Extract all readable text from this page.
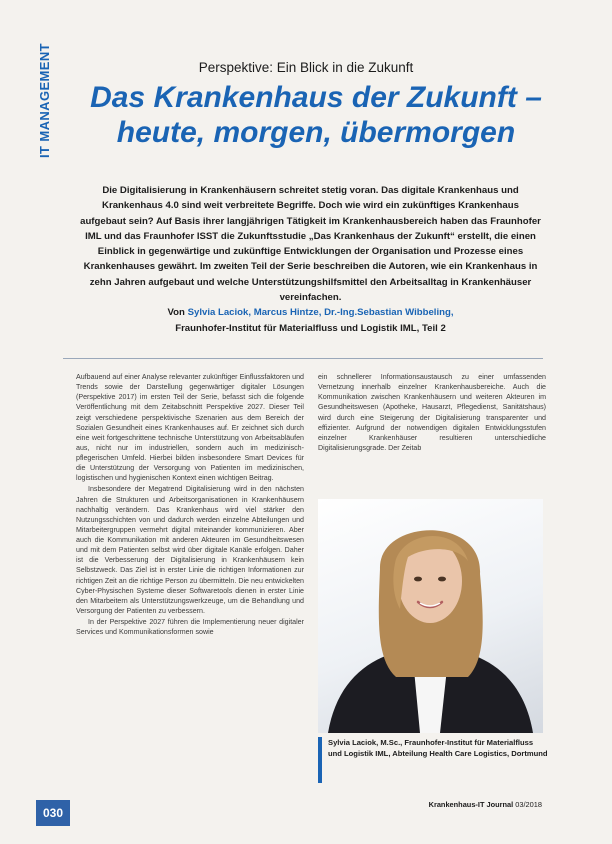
IT MANAGEMENT	Perspektive: Ein Blick in die Zukunft
Das Krankenhaus der Zukunft –
heute, morgen, übermorgen
Die Digitalisierung in Krankenhäusern schreitet stetig voran. Das digitale Krankenhaus und Krankenhaus 4.0 sind weit verbreitete Begriffe. Doch wie wird ein zukünftiges Krankenhaus aufgebaut sein? Auf Basis ihrer langjährigen Tätigkeit im Krankenhausbereich haben das Fraunhofer IML und das Fraunhofer ISST die Zukunftsstudie „Das Krankenhaus der Zukunft“ erstellt, die einen Einblick in gegenwärtige und zukünftige Entwicklungen der Organisation und Prozesse eines Krankenhauses gewährt. Im zweiten Teil der Serie beschreiben die Autoren, wie ein Krankenhaus in zehn Jahren aufgebaut und welche Unterstützungshilfsmittel den Arbeitsalltag in Krankenhäuser vereinfachen.
Von Sylvia Laciok, Marcus Hintze, Dr.-Ing.Sebastian Wibbeling,
Fraunhofer-Institut für Materialfluss und Logistik IML, Teil 2

Aufbauend auf einer Analyse relevanter zukünftiger Einflussfaktoren und Trends sowie der Darstellung gegenwärtiger digitaler Lösungen (Perspektive 2017) im ersten Teil der Serie, befasst sich die folgende Veröffentlichung mit dem Zeitabschnitt Perspektive 2027. Dieser Teil zeigt verschiedene perspektivische Szenarien aus dem Bereich der Sozialen Gesundheit eines Krankenhauses auf. Er zeichnet sich durch eine weit fortgeschrittene technische Unterstützung von Arbeitsabläufen aus, nicht nur im industriellen, sondern auch im medizinisch-pflegerischen Umfeld. Hierbei bilden insbesondere Smart Devices für die Unterstützung der Versorgung von Patienten im medizinischen, logistischen und hygienischen Kontext einen wichtigen Beitrag.

Insbesondere der Megatrend Digitalisierung wird in den nächsten Jahren die Strukturen und Arbeitsorganisationen in Krankenhäusern nachhaltig verändern. Das Krankenhaus wird viel stärker den Nutzungsschichten von und dadurch werden einzelne Abteilungen und Mitarbeitergruppen vermehrt digital miteinander kommunizieren. Aber auch die Kommunikation mit anderen Akteuren im Gesundheitswesen und mit dem Patienten selbst wird über digitale Kanäle erfolgen. Daher ist die Verbesserung der Digitalisierung in Krankenhäusern kein Selbstzweck. Das Ziel ist in erster Linie die richtigen Informationen zur richtigen Zeit an die richtige Person zu übermitteln. Die neu entwickelten Cyber-Physischen Systeme dieser Softwaretools dienen in erster Linie den Mitarbeitern als Unterstützungswerkzeuge, um die Behandlung und Versorgung der Patienten zu verbessern.

In der Perspektive 2027 führen die Implementierung neuer digitaler Services und Kommunikationsformen sowie

ein schnellerer Informationsaustausch zu einer umfassenden Vernetzung innerhalb einzelner Krankenhausbereiche. Auch die Kommunikation zwischen Krankenhäusern und weiteren Akteuren im Gesundheitswesen (Apotheke, Hausarzt, Pflegedienst, Sanitätshaus) wird durch eine Steigerung der Digitalisierung transparenter und effizienter. Aufgrund der notwendigen digitalen Entwicklungsstufen einzelner Krankenhäuser resultieren unterschiedliche Digitalisierungsgrade. Der Zeitab

Sylvia Laciok, M.Sc., Fraunhofer-Institut für Materialfluss und Logistik IML, Abteilung Health Care Logistics, Dortmund
030
Krankenhaus-IT Journal 03/2018
